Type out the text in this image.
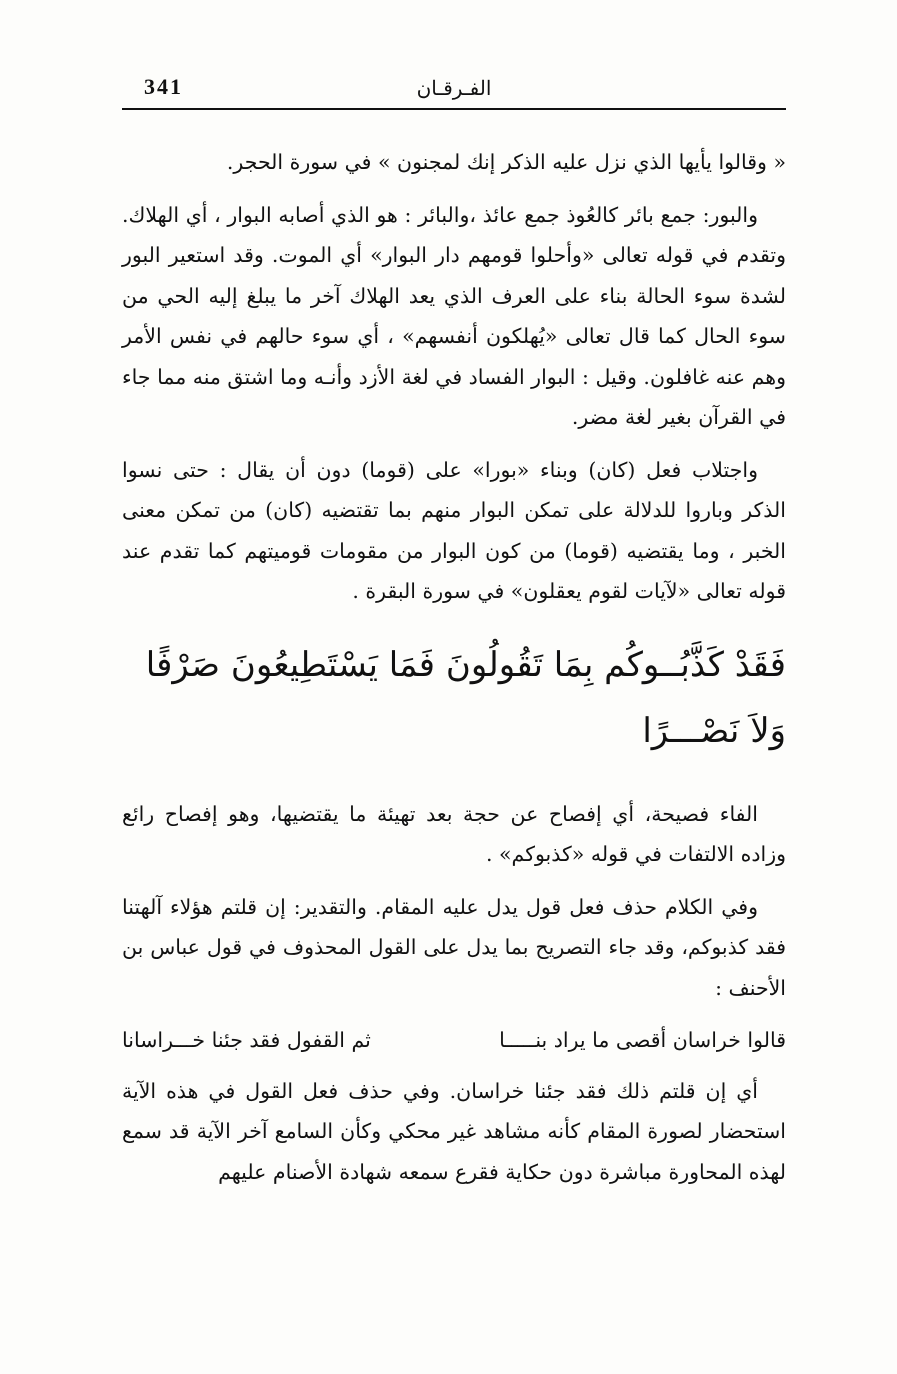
341	الفـرقـان

« وقالوا يأيها الذي نزل عليه الذكر إنك لمجنون » في سورة الحجر.

والبور: جمع بائر كالعُوذ جمع عائذ ،والبائر : هو الذي أصابه البوار ، أي الهلاك. وتقدم في قوله تعالى «وأحلوا قومهم دار البوار» أي الموت. وقد استعير البور لشدة سوء الحالة بناء على العرف الذي يعد الهلاك آخر ما يبلغ إليه الحي من سوء الحال كما قال تعالى «يُهلكون أنفسهم» ، أي سوء حالهم في نفس الأمر وهم عنه غافلون. وقيل : البوار الفساد في لغة الأزد وأنـه وما اشتق منه مما جاء في القرآن بغير لغة مضر.

واجتلاب فعل (كان) وبناء «بورا» على (قوما) دون أن يقال : حتى نسوا الذكر وباروا للدلالة على تمكن البوار منهم بما تقتضيه (كان) من تمكن معنى الخبر ، وما يقتضيه (قوما) من كون البوار من مقومات قوميتهم كما تقدم عند قوله تعالى «لآيات لقوم يعقلون» في سورة البقرة .

فَقَدْ كَذَّبُــوكُم بِمَا تَقُولُونَ فَمَا يَسْتَطِيعُونَ صَرْفًا وَلاَ نَصْـــرًا

الفاء فصيحة، أي إفصاح عن حجة بعد تهيئة ما يقتضيها، وهو إفصاح رائع وزاده الالتفات في قوله «كذبوكم» .

وفي الكلام حذف فعل قول يدل عليه المقام. والتقدير: إن قلتم هؤلاء آلهتنا فقد كذبوكم، وقد جاء التصريح بما يدل على القول المحذوف في قول عباس بن الأحنف :

قالوا خراسان أقصى ما يراد بنـــــا
ثم القفول فقد جئنا خـــراسانا

أي إن قلتم ذلك فقد جئنا خراسان. وفي حذف فعل القول في هذه الآية استحضار لصورة المقام كأنه مشاهد غير محكي وكأن السامع آخر الآية قد سمع لهذه المحاورة مباشرة دون حكاية فقرع سمعه شهادة الأصنام عليهم
